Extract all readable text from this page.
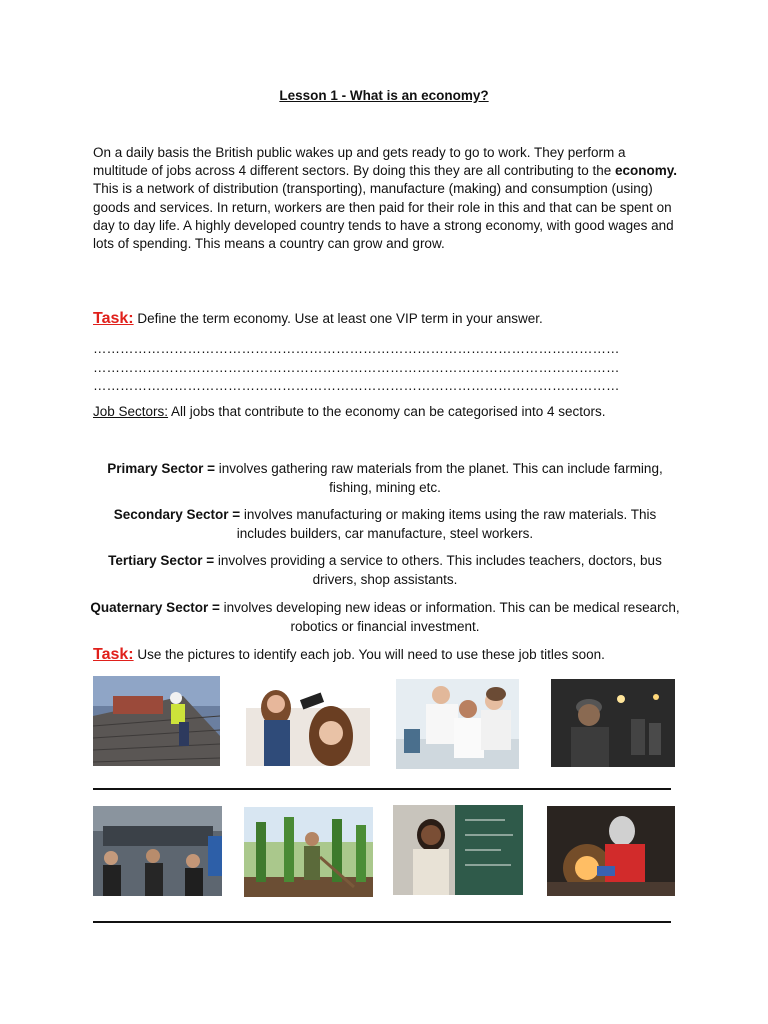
Lesson 1 - What is an economy?
On a daily basis the British public wakes up and gets ready to go to work. They perform a multitude of jobs across 4 different sectors. By doing this they are all contributing to the economy. This is a network of distribution (transporting), manufacture (making) and consumption (using) goods and services. In return, workers are then paid for their role in this and that can be spent on day to day life. A highly developed country tends to have a strong economy, with good wages and lots of spending. This means a country can grow and grow.
Task: Define the term economy. Use at least one VIP term in your answer.
………………………………………………………………………………………………………
………………………………………………………………………………………………………
………………………………………………………………………………………………………
Job Sectors: All jobs that contribute to the economy can be categorised into 4 sectors.
Primary Sector = involves gathering raw materials from the planet. This can include farming, fishing, mining etc.
Secondary Sector = involves manufacturing or making items using the raw materials. This includes builders, car manufacture, steel workers.
Tertiary Sector = involves providing a service to others. This includes teachers, doctors, bus drivers, shop assistants.
Quaternary Sector = involves developing new ideas or information. This can be medical research, robotics or financial investment.
Task: Use the pictures to identify each job. You will need to use these job titles soon.
